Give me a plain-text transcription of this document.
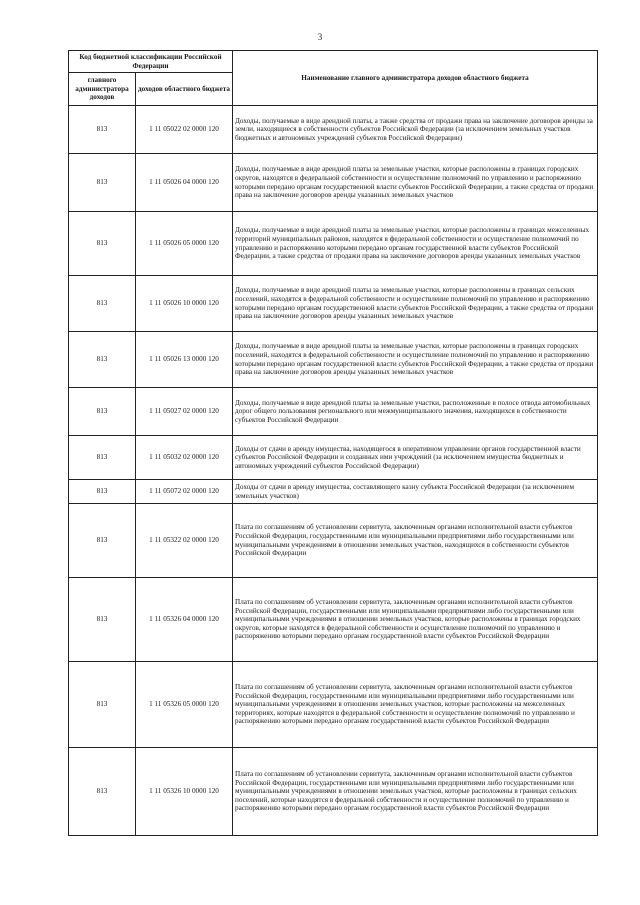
3
Код бюджетной классификации Российской Федерации		Наименование главного администратора доходов областного бюджета
главного администратора доходов	доходов областного бюджета	
813	1 11 05022 02 0000 120	Доходы, получаемые в виде арендной платы, а также средства от продажи права на заключение договоров аренды за земли, находящиеся в собственности субъектов Российской Федерации (за исключением земельных участков бюджетных и автономных учреждений субъектов Российской Федерации)
813	1 11 05026 04 0000 120	Доходы, получаемые в виде арендной платы за земельные участки, которые расположены в границах городских округов, находятся в федеральной собственности и осуществление полномочий по управлению и распоряжению которыми передано органам государственной власти субъектов Российской Федерации, а также средства от продажи права на заключение договоров аренды указанных земельных участков
813	1 11 05026 05 0000 120	Доходы, получаемые в виде арендной платы за земельные участки, которые расположены в границах межселенных территорий муниципальных районов, находятся в федеральной собственности и осуществление полномочий по управлению и распоряжению которыми передано органам государственной власти субъектов Российской Федерации, а также средства от продажи права на заключение договоров аренды указанных земельных участков
813	1 11 05026 10 0000 120	Доходы, получаемые в виде арендной платы за земельные участки, которые расположены в границах сельских поселений, находятся в федеральной собственности и осуществление полномочий по управлению и распоряжению которыми передано органам государственной власти субъектов Российской Федерации, а также средства от продажи права на заключение договоров аренды указанных земельных участков
813	1 11 05026 13 0000 120	Доходы, получаемые в виде арендной платы за земельные участки, которые расположены в границах городских поселений, находятся в федеральной собственности и осуществление полномочий по управлению и распоряжению которыми передано органам государственной власти субъектов Российской Федерации, а также средства от продажи права на заключение договоров аренды указанных земельных участков
813	1 11 05027 02 0000 120	Доходы, получаемые в виде арендной платы за земельные участки, расположенные в полосе отвода автомобильных дорог общего пользования регионального или межмуниципального значения, находящихся в собственности субъектов Российской Федерации
813	1 11 05032 02 0000 120	Доходы от сдачи в аренду имущества, находящегося в оперативном управлении органов государственной власти субъектов Российской Федерации и созданных ими учреждений (за исключением имущества бюджетных и автономных учреждений субъектов Российской Федерации)
813	1 11 05072 02 0000 120	Доходы от сдачи в аренду имущества, составляющего казну субъекта Российской Федерации (за исключением земельных участков)
813	1 11 05322 02 0000 120	Плата по соглашениям об установлении сервитута, заключенным органами исполнительной власти субъектов Российской Федерации, государственными или муниципальными предприятиями либо государственными или муниципальными учреждениями в отношении земельных участков, находящихся в собственности субъектов Российской Федерации
813	1 11 05326 04 0000 120	Плата по соглашениям об установлении сервитута, заключенным органами исполнительной власти субъектов Российской Федерации, государственными или муниципальными предприятиями либо государственными или муниципальными учреждениями в отношении земельных участков, которые расположены в границах городских округов, которые находятся в федеральной собственности и осуществление полномочий по управлению и распоряжению которыми передано органам государственной власти субъектов Российской Федерации
813	1 11 05326 05 0000 120	Плата по соглашениям об установлении сервитута, заключенным органами исполнительной власти субъектов Российской Федерации, государственными или муниципальными предприятиями либо государственными или муниципальными учреждениями в отношении земельных участков, которые расположены на межселенных территориях, которые находятся в федеральной собственности и осуществление полномочий по управлению и распоряжению которыми передано органам государственной власти субъектов Российской Федерации
813	1 11 05326 10 0000 120	Плата по соглашениям об установлении сервитута, заключенным органами исполнительной власти субъектов Российской Федерации, государственными или муниципальными предприятиями либо государственными или муниципальными учреждениями в отношении земельных участков, которые расположены в границах сельских поселений, которые находятся в федеральной собственности и осуществление полномочий по управлению и распоряжению которыми передано органам государственной власти субъектов Российской Федерации
